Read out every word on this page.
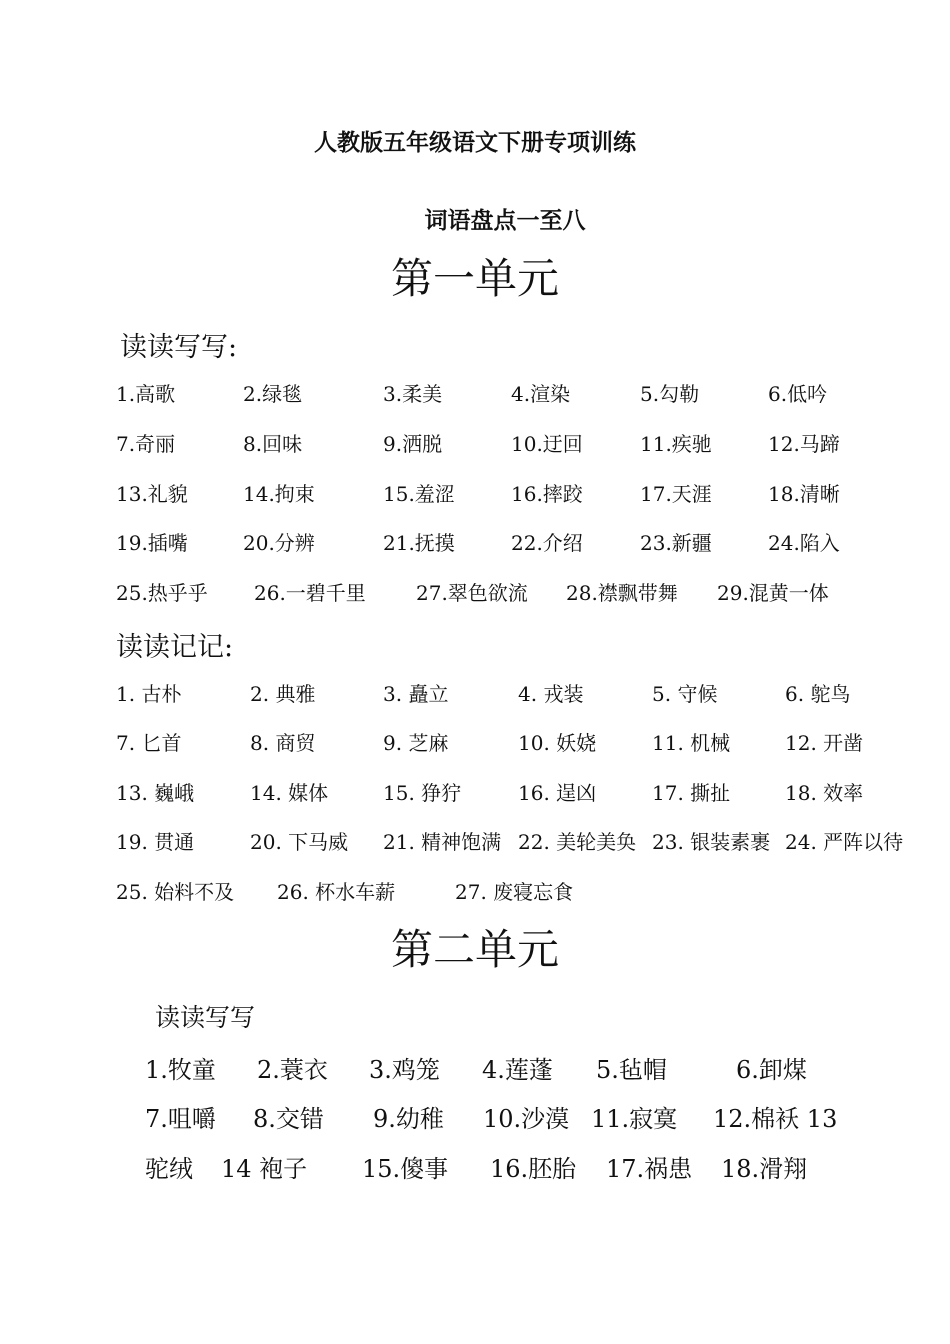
人教版五年级语文下册专项训练
词语盘点一至八
第一单元
读读写写:
1.高歌	2.绿毯	3.柔美	4.渲染	5.勾勒	6.低吟
7.奇丽	8.回味	9.洒脱	10.迂回	11.疾驰	12.马蹄
13.礼貌	14.拘束	15.羞涩	16.摔跤	17.天涯	18.清晰
19.插嘴	20.分辨	21.抚摸	22.介绍	23.新疆	24.陷入
25.热乎乎 26.一碧千里	27.翠色欲流 28.襟飘带舞 29.混黄一体
读读记记:
1. 古朴	2. 典雅	3. 矗立	4. 戎装	5. 守候	6. 鸵鸟
7. 匕首	8. 商贸	9. 芝麻	10. 妖娆	11. 机械	12. 开凿
13. 巍峨	14. 媒体	15. 狰狞	16. 逞凶	17. 撕扯	18. 效率
19. 贯通	20. 下马威 21. 精神饱满 22. 美轮美奂 23. 银装素裹 24. 严阵以待
25. 始料不及 26. 杯水车薪	27. 废寝忘食
第二单元
读读写写
1.牧童 2.蓑衣 3.鸡笼 4.莲蓬 5.毡帽	6.卸煤
7.咀嚼 8.交错 9.幼稚 10.沙漠 11.寂寞 12.棉袄 13
驼绒 14 袍子 15.傻事 16.胚胎 17.祸患 18.滑翔
